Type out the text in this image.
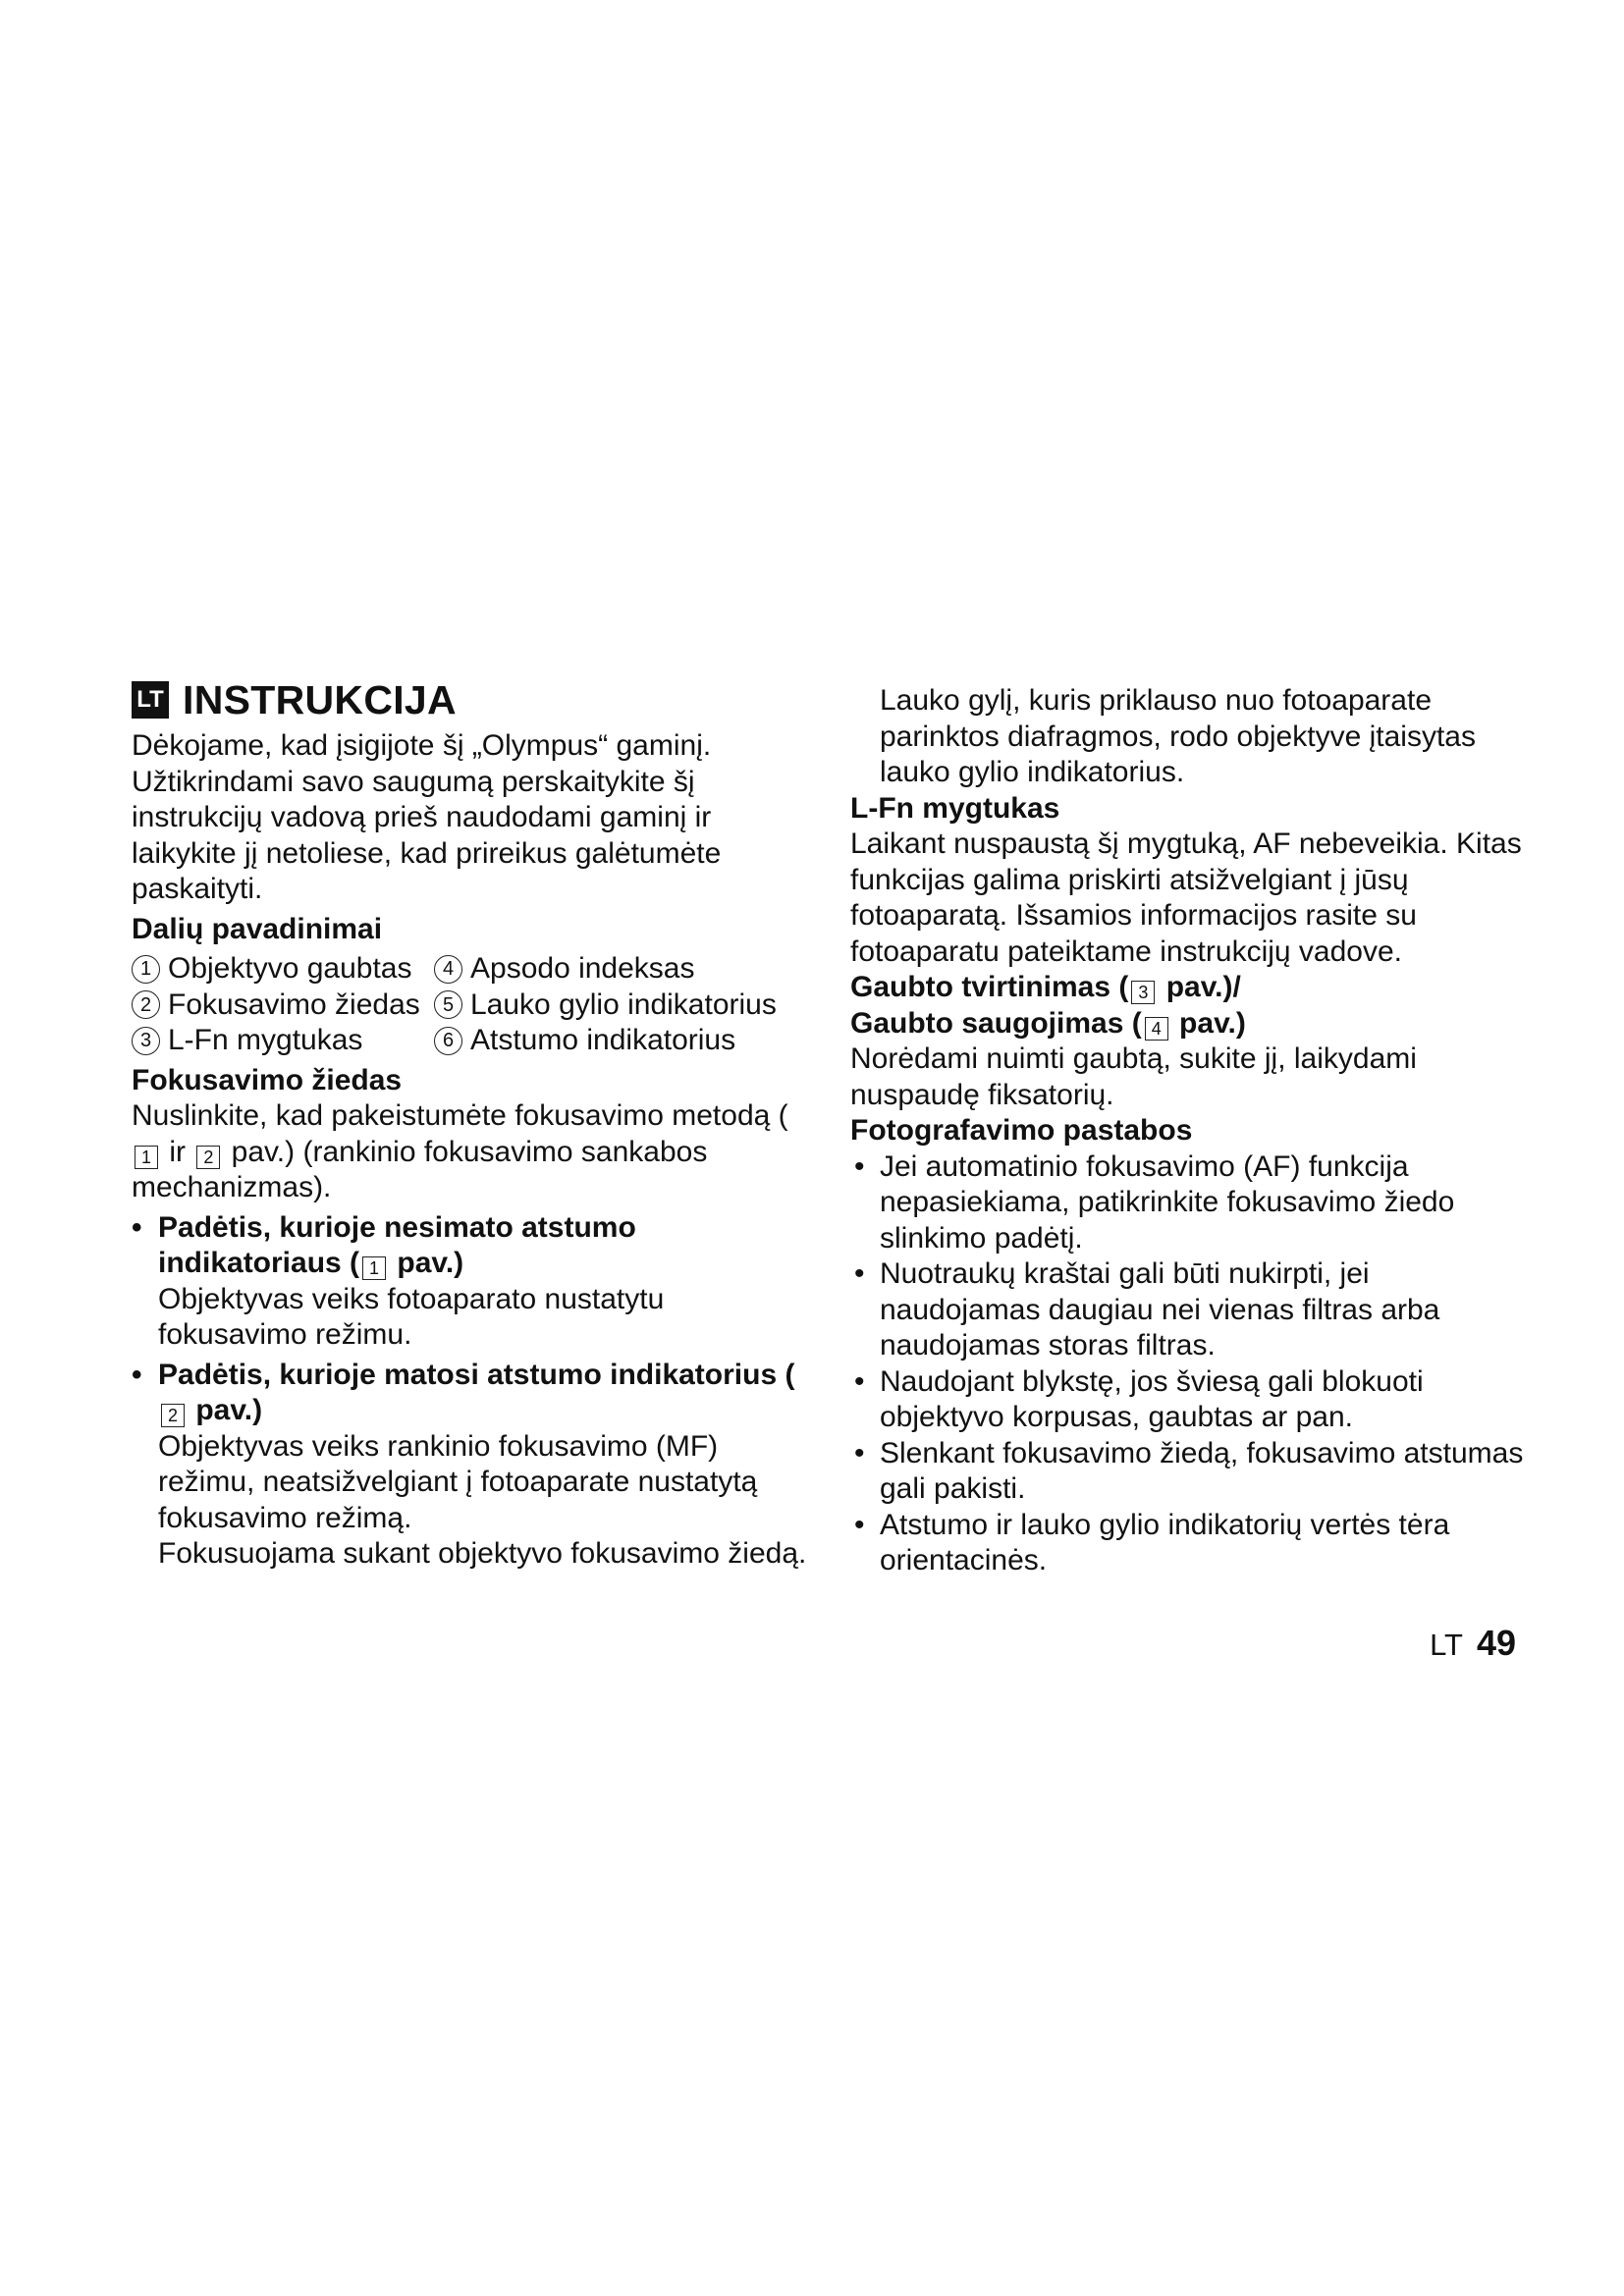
LT INSTRUKCIJA

Dėkojame, kad įsigijote šį „Olympus“ gaminį. Užtikrindami savo saugumą perskaitykite šį instrukcijų vadovą prieš naudodami gaminį ir laikykite jį netoliese, kad prireikus galėtumėte paskaityti.

Dalių pavadinimai

1 Objektyvo gaubtas	4 Apsodo indeksas
2 Fokusavimo žiedas	5 Lauko gylio indikatorius
3 L-Fn mygtukas	6 Atstumo indikatorius

Fokusavimo žiedas

Nuslinkite, kad pakeistumėte fokusavimo metodą (1 ir 2 pav.) (rankinio fokusavimo sankabos mechanizmas).

• Padėtis, kurioje nesimato atstumo indikatoriaus ( 1 pav.)

Objektyvas veiks fotoaparato nustatytu fokusavimo režimu.

• Padėtis, kurioje matosi atstumo indikatorius (2 pav.)

Objektyvas veiks rankinio fokusavimo (MF) režimu, neatsižvelgiant į fotoaparate nustatytą fokusavimo režimą.

Fokusuojama sukant objektyvo fokusavimo žiedą.

Lauko gylį, kuris priklauso nuo fotoaparate parinktos diafragmos, rodo objektyve įtaisytas lauko gylio indikatorius.

L-Fn mygtukas

Laikant nuspaustą šį mygtuką, AF nebeveikia. Kitas funkcijas galima priskirti atsižvelgiant į jūsų fotoaparatą. Išsamios informacijos rasite su fotoaparatu pateiktame instrukcijų vadove.

Gaubto tvirtinimas ( 3 pav.)/

Gaubto saugojimas ( 4 pav.)

Norėdami nuimti gaubtą, sukite jį, laikydami nuspaudę fiksatorių.

Fotografavimo pastabos

• Jei automatinio fokusavimo (AF) funkcija nepasiekiama, patikrinkite fokusavimo žiedo slinkimo padėtį.
• Nuotraukų kraštai gali būti nukirpti, jei naudojamas daugiau nei vienas filtras arba naudojamas storas filtras.
• Naudojant blykstę, jos šviesą gali blokuoti objektyvo korpusas, gaubtas ar pan.
• Slenkant fokusavimo žiedą, fokusavimo atstumas gali pakisti.
• Atstumo ir lauko gylio indikatorių vertės tėra orientacinės.
LT 49
